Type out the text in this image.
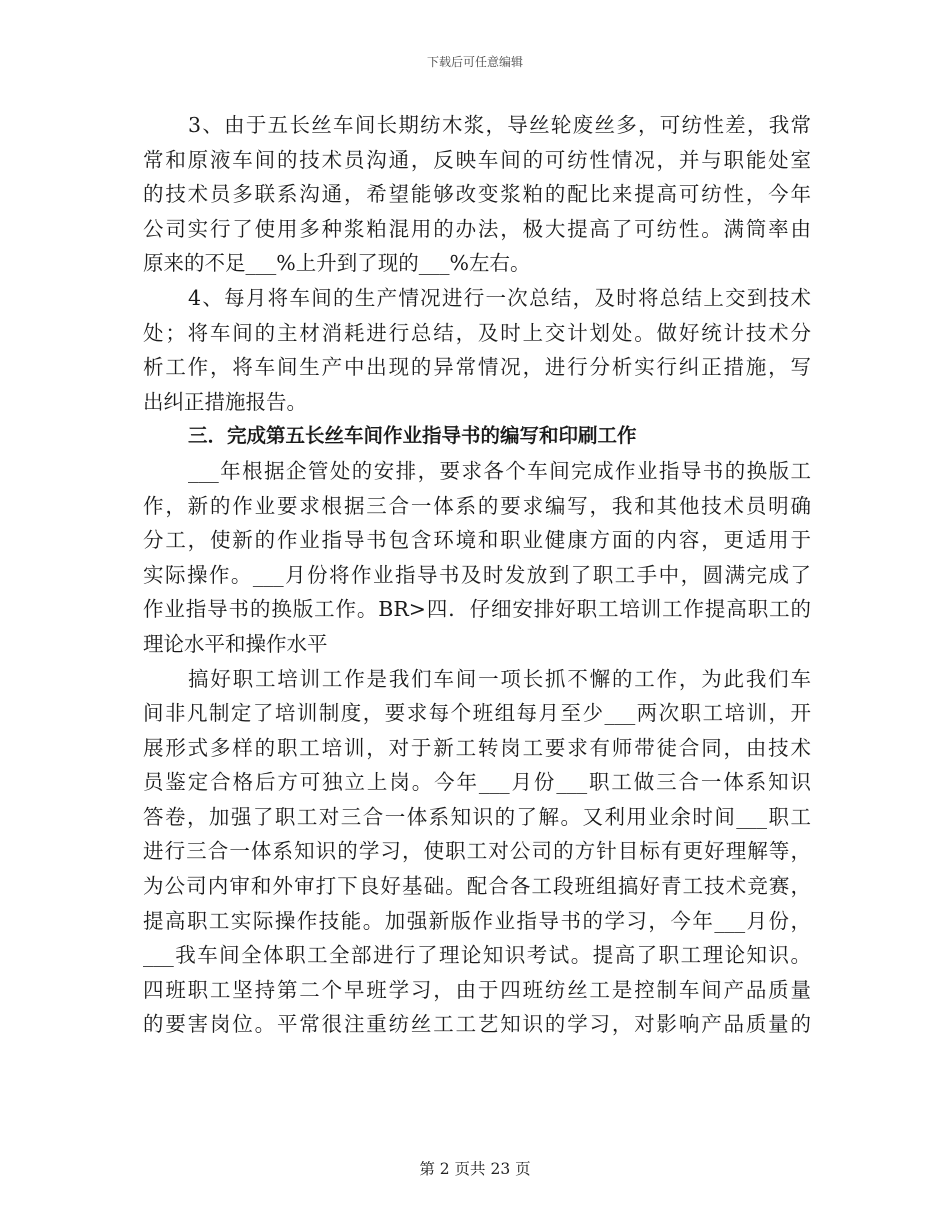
下载后可任意编辑
3、由于五长丝车间长期纺木浆，导丝轮废丝多，可纺性差，我常
常和原液车间的技术员沟通，反映车间的可纺性情况，并与职能处室
的技术员多联系沟通，希望能够改变浆粕的配比来提高可纺性，今年
公司实行了使用多种浆粕混用的办法，极大提高了可纺性。满筒率由
原来的不足___%上升到了现的___%左右。
4、每月将车间的生产情况进行一次总结，及时将总结上交到技术
处；将车间的主材消耗进行总结，及时上交计划处。做好统计技术分
析工作，将车间生产中出现的异常情况，进行分析实行纠正措施，写
出纠正措施报告。
三．完成第五长丝车间作业指导书的编写和印刷工作
___年根据企管处的安排，要求各个车间完成作业指导书的换版工
作，新的作业要求根据三合一体系的要求编写，我和其他技术员明确
分工，使新的作业指导书包含环境和职业健康方面的内容，更适用于
实际操作。___月份将作业指导书及时发放到了职工手中，圆满完成了
作业指导书的换版工作。BR>四．仔细安排好职工培训工作提高职工的
理论水平和操作水平
搞好职工培训工作是我们车间一项长抓不懈的工作，为此我们车
间非凡制定了培训制度，要求每个班组每月至少___两次职工培训，开
展形式多样的职工培训，对于新工转岗工要求有师带徒合同，由技术
员鉴定合格后方可独立上岗。今年___月份___职工做三合一体系知识
答卷，加强了职工对三合一体系知识的了解。又利用业余时间___职工
进行三合一体系知识的学习，使职工对公司的方针目标有更好理解等，
为公司内审和外审打下良好基础。配合各工段班组搞好青工技术竞赛，
提高职工实际操作技能。加强新版作业指导书的学习，今年___月份，
___我车间全体职工全部进行了理论知识考试。提高了职工理论知识。
四班职工坚持第二个早班学习，由于四班纺丝工是控制车间产品质量
的要害岗位。平常很注重纺丝工工艺知识的学习，对影响产品质量的
第 2 页共 23 页
